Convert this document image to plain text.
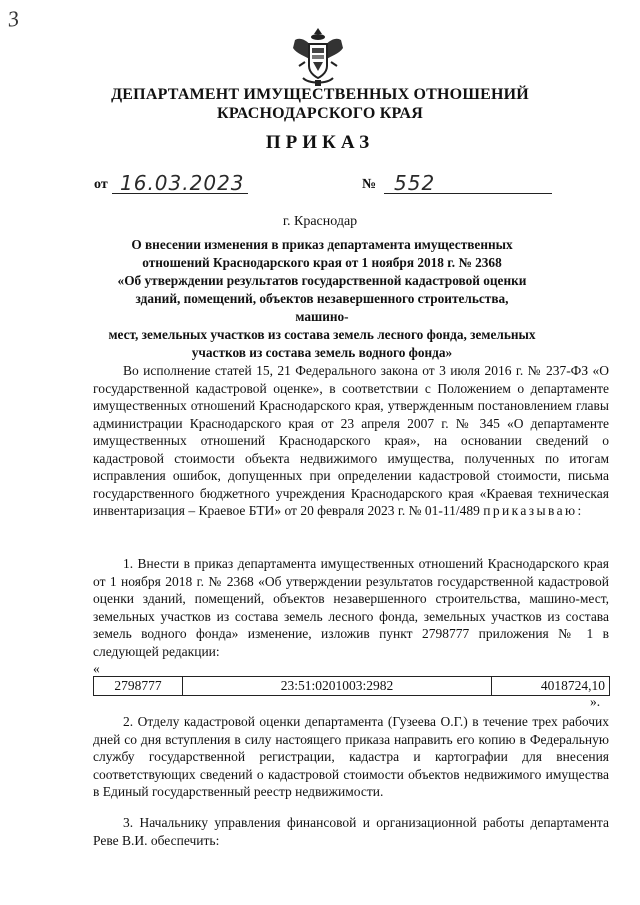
3
ДЕПАРТАМЕНТ ИМУЩЕСТВЕННЫХ ОТНОШЕНИЙ
КРАСНОДАРСКОГО КРАЯ
ПРИКАЗ
от 16.03.2023	№ 552
г. Краснодар
О внесении изменения в приказ департамента имущественных
отношений Краснодарского края от 1 ноября 2018 г. № 2368
«Об утверждении результатов государственной кадастровой оценки
зданий, помещений, объектов незавершенного строительства, машино-
мест, земельных участков из состава земель лесного фонда, земельных
участков из состава земель водного фонда»
Во исполнение статей 15, 21 Федерального закона от 3 июля 2016 г. № 237-ФЗ «О государственной кадастровой оценке», в соответствии с Положением о департаменте имущественных отношений Краснодарского края, утвержденным постановлением главы администрации Краснодарского края от 23 апреля 2007 г. № 345 «О департаменте имущественных отношений Краснодарского края», на основании сведений о кадастровой стоимости объекта недвижимого имущества, полученных по итогам исправления ошибок, допущенных при определении кадастровой стоимости, письма государственного бюджетного учреждения Краснодарского края «Краевая техническая инвентаризация – Краевое БТИ» от 20 февраля 2023 г. № 01-11/489 приказываю:
1. Внести в приказ департамента имущественных отношений Краснодарского края от 1 ноября 2018 г. № 2368 «Об утверждении результатов государственной кадастровой оценки зданий, помещений, объектов незавершенного строительства, машино-мест, земельных участков из состава земель лесного фонда, земельных участков из состава земель водного фонда» изменение, изложив пункт 2798777 приложения № 1 в следующей редакции:
«
2798777	23:51:0201003:2982	4018724,10
».
2. Отделу кадастровой оценки департамента (Гузеева О.Г.) в течение трех рабочих дней со дня вступления в силу настоящего приказа направить его копию в Федеральную службу государственной регистрации, кадастра и картографии для внесения соответствующих сведений о кадастровой стоимости объектов недвижимого имущества в Единый государственный реестр недвижимости.
3. Начальнику управления финансовой и организационной работы департамента Реве В.И. обеспечить:
